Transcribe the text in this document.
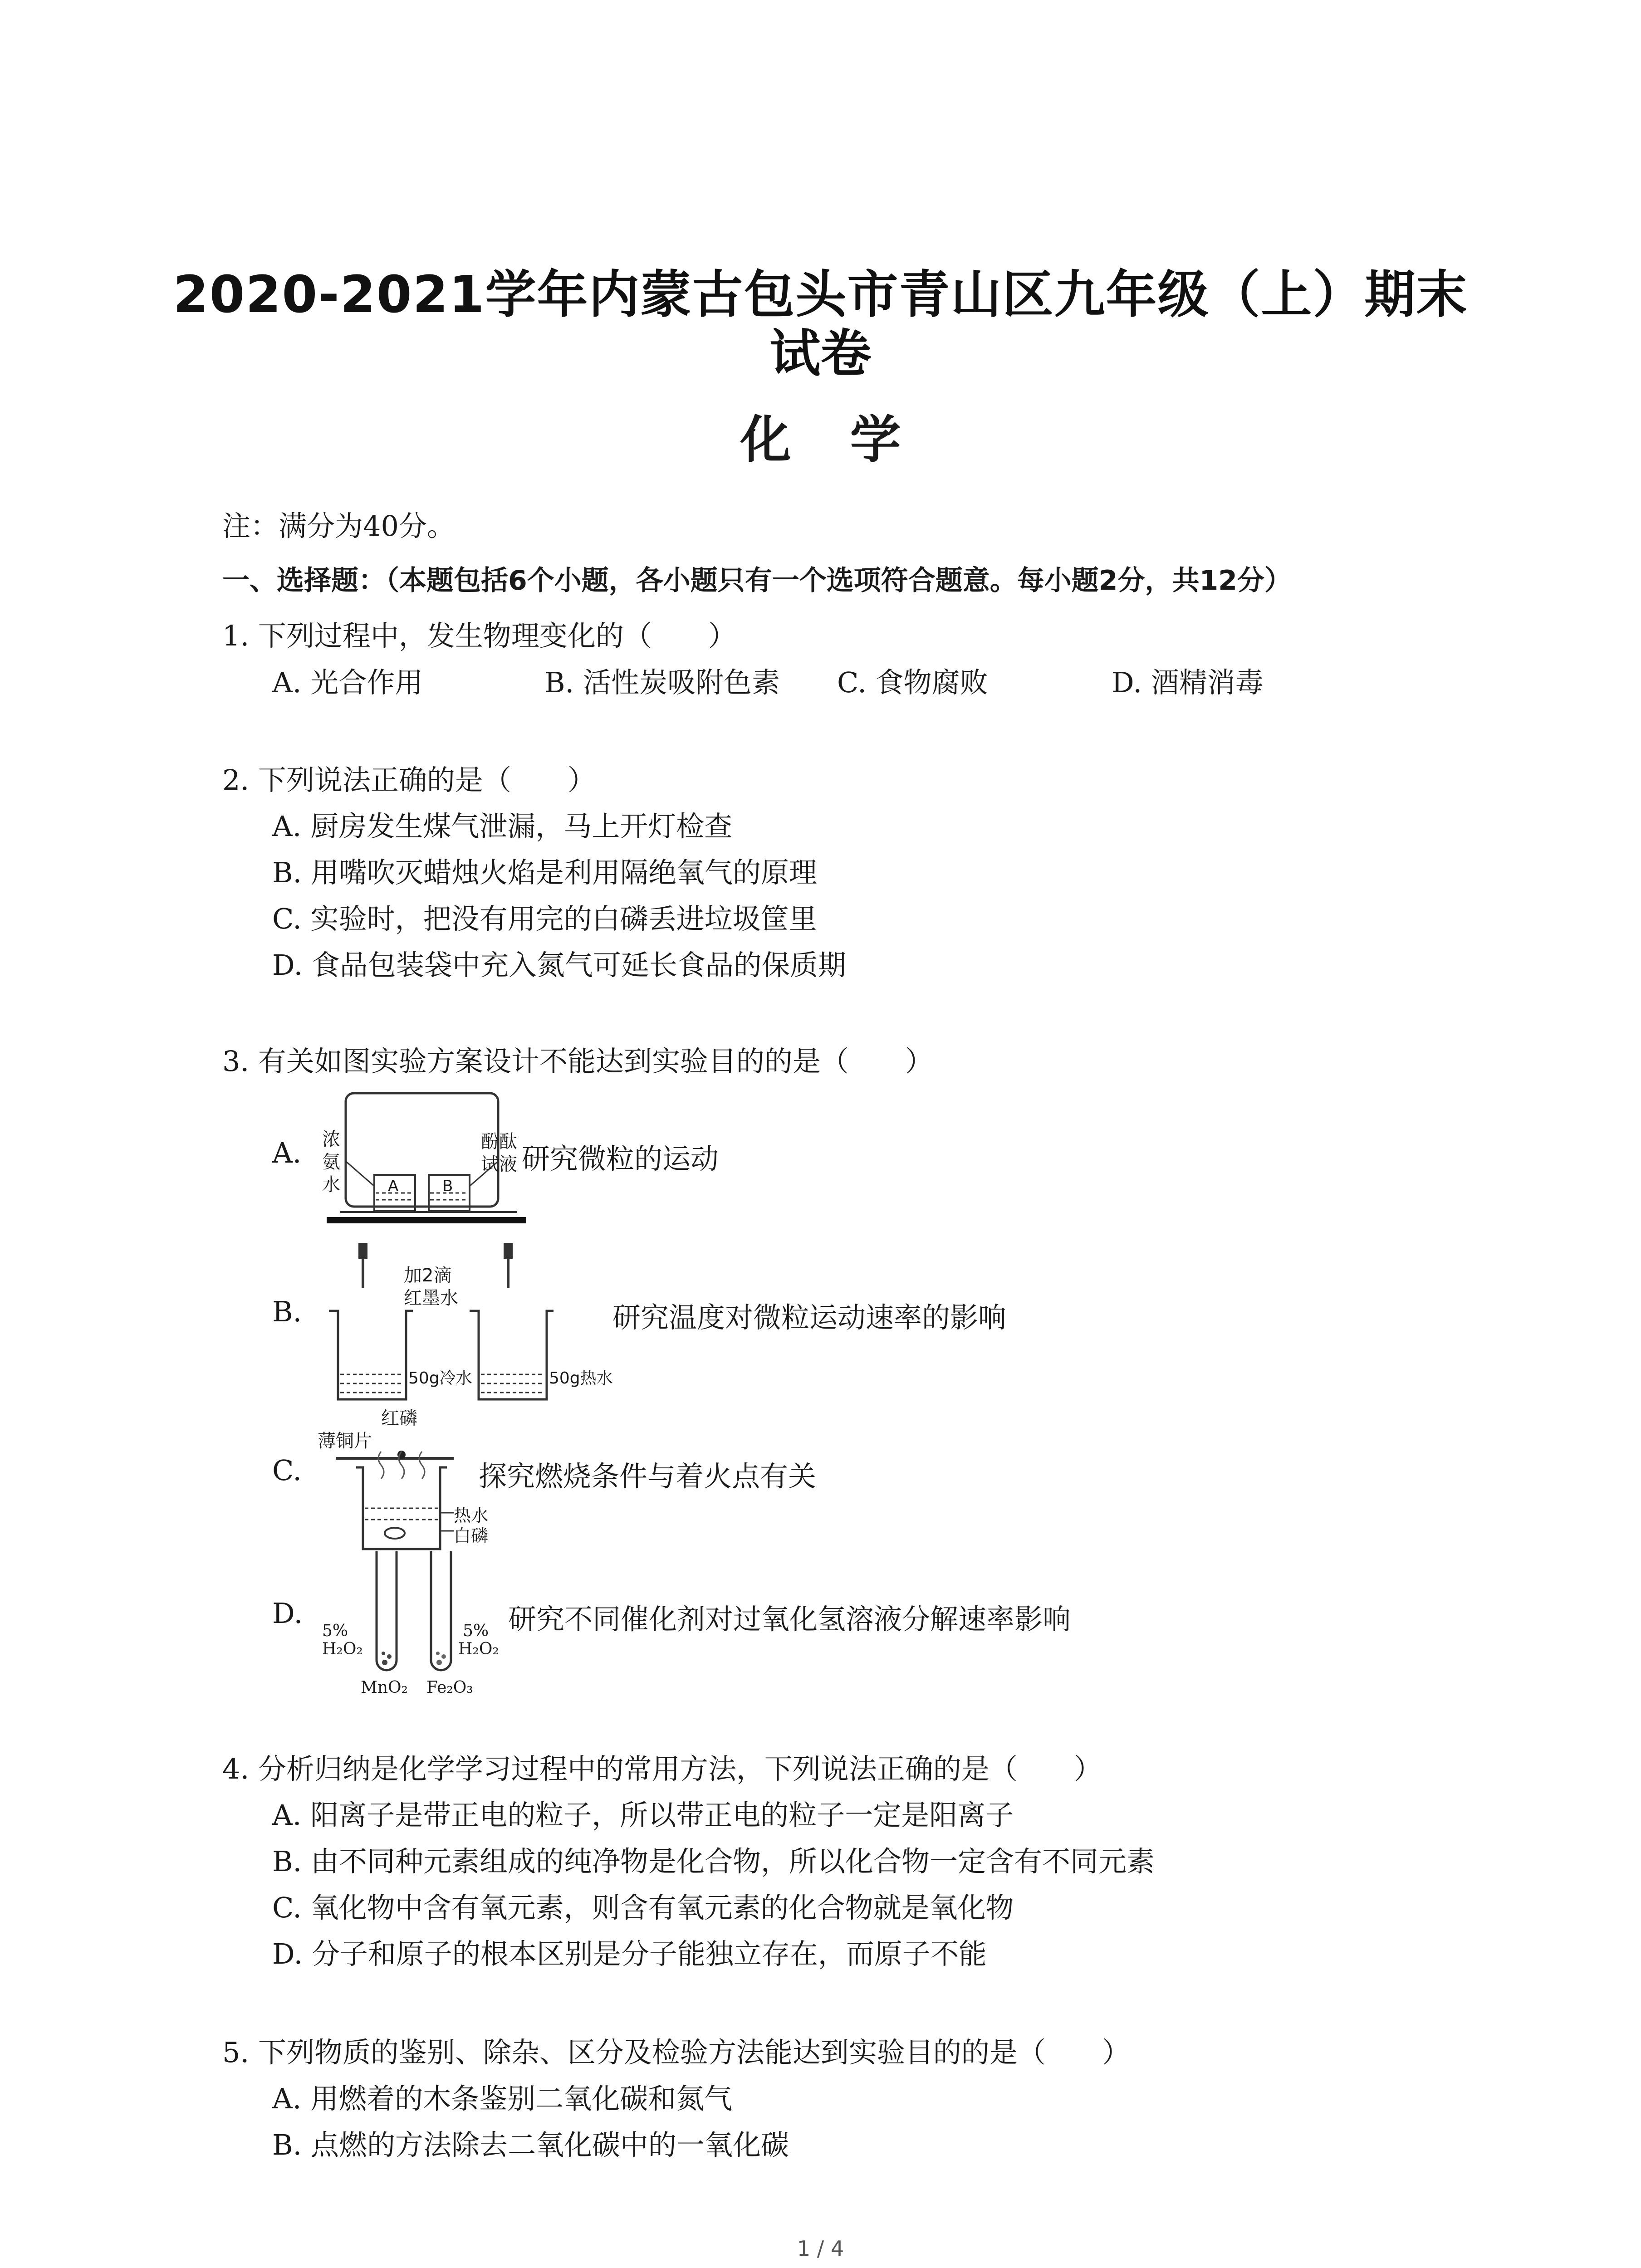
2020-2021学年内蒙古包头市青山区九年级（上）期末
试卷
化学
注：满分为40分。
一、选择题：（本题包括6个小题，各小题只有一个选项符合题意。每小题2分，共12分）
1. 下列过程中，发生物理变化的（　　）
A. 光合作用	B. 活性炭吸附色素 C. 食物腐败	D. 酒精消毒
2. 下列说法正确的是（　　）
A. 厨房发生煤气泄漏，马上开灯检查
B. 用嘴吹灭蜡烛火焰是利用隔绝氧气的原理
C. 实验时，把没有用完的白磷丢进垃圾筐里
D. 食品包装袋中充入氮气可延长食品的保质期
3. 有关如图实验方案设计不能达到实验目的的是（　　）
A. 浓
氨
水
酚酞
试液
A	B
研究微粒的运动
B.
加2滴
红墨水
50g冷水	50g热水
研究温度对微粒运动速率的影响
C.
红磷
薄铜片
热水
白磷
探究燃烧条件与着火点有关
D.
5%
H₂O₂
5%
H₂O₂
MnO₂ Fe₂O₃
研究不同催化剂对过氧化氢溶液分解速率影响
4. 分析归纳是化学学习过程中的常用方法，下列说法正确的是（　　）
A. 阳离子是带正电的粒子，所以带正电的粒子一定是阳离子
B. 由不同种元素组成的纯净物是化合物，所以化合物一定含有不同元素
C. 氧化物中含有氧元素，则含有氧元素的化合物就是氧化物
D. 分子和原子的根本区别是分子能独立存在，而原子不能
5. 下列物质的鉴别、除杂、区分及检验方法能达到实验目的的是（　　）
A. 用燃着的木条鉴别二氧化碳和氮气
B. 点燃的方法除去二氧化碳中的一氧化碳
1 / 4
